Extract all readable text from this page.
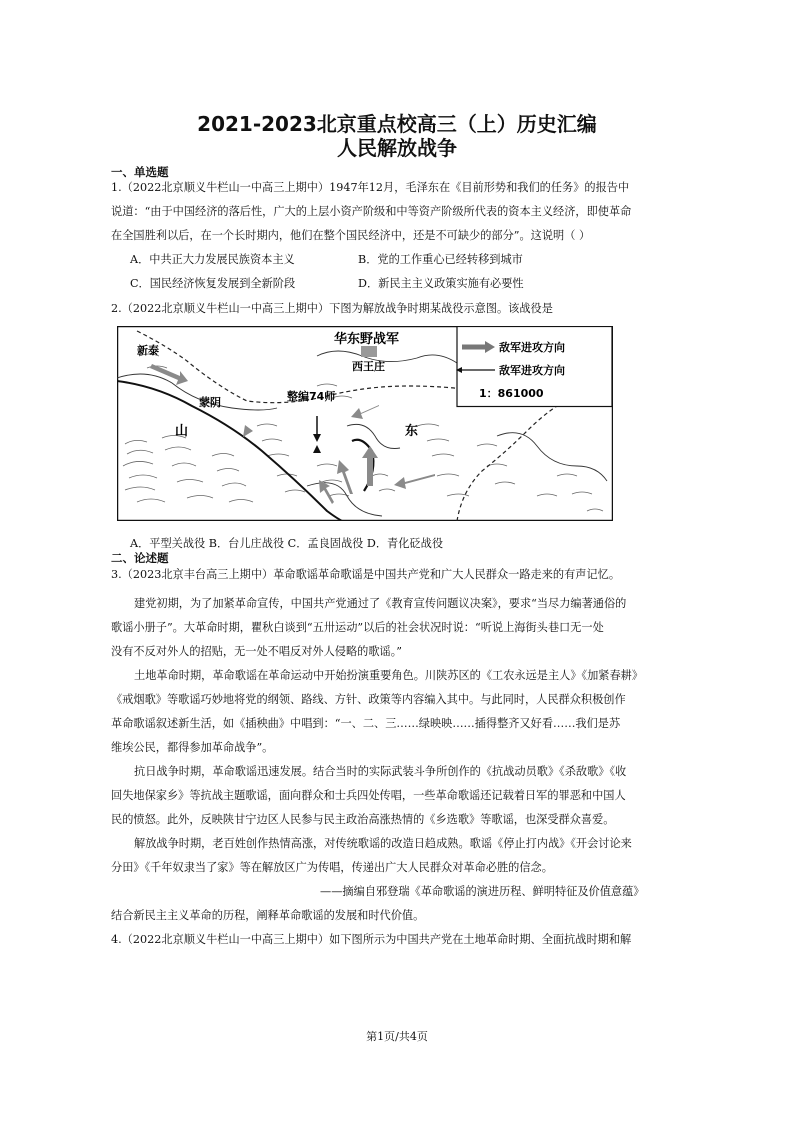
2021-2023北京重点校高三（上）历史汇编
人民解放战争
一、单选题
1.（2022北京顺义牛栏山一中高三上期中）1947年12月，毛泽东在《目前形势和我们的任务》的报告中
说道：“由于中国经济的落后性，广大的上层小资产阶级和中等资产阶级所代表的资本主义经济，即使革命
在全国胜利以后，在一个长时期内，他们在整个国民经济中，还是不可缺少的部分”。这说明（ ）
A．中共正大力发展民族资本主义	B．党的工作重心已经转移到城市
C．国民经济恢复发展到全新阶段	D．新民主主义政策实施有必要性
2.（2022北京顺义牛栏山一中高三上期中）下图为解放战争时期某战役示意图。该战役是
敌军进攻方向
敌军进攻方向
1：861000
新泰
华东野战军
西王庄
蒙阴	整编74师
山	东
A．平型关战役 B．台儿庄战役 C．孟良固战役 D．青化砭战役
二、论述题
3.（2023北京丰台高三上期中）革命歌谣革命歌谣是中国共产党和广大人民群众一路走来的有声记忆。
建党初期，为了加紧革命宣传，中国共产党通过了《教育宣传问题议决案》，要求“当尽力编著通俗的
歌谣小册子”。大革命时期，瞿秋白谈到“五卅运动”以后的社会状况时说：“听说上海街头巷口无一处
没有不反对外人的招贴，无一处不唱反对外人侵略的歌谣。”
土地革命时期，革命歌谣在革命运动中开始扮演重要角色。川陕苏区的《工农永远是主人》《加紧春耕》
《戒烟歌》等歌谣巧妙地将党的纲领、路线、方针、政策等内容编入其中。与此同时，人民群众积极创作
革命歌谣叙述新生活，如《插秧曲》中唱到：“一、二、三……绿映映……插得整齐又好看……我们是苏
维埃公民，都得参加革命战争”。
抗日战争时期，革命歌谣迅速发展。结合当时的实际武装斗争所创作的《抗战动员歌》《杀敌歌》《收
回失地保家乡》等抗战主题歌谣，面向群众和士兵四处传唱，一些革命歌谣还记载着日军的罪恶和中国人
民的愤怒。此外，反映陕甘宁边区人民参与民主政治高涨热情的《乡选歌》等歌谣，也深受群众喜爱。
解放战争时期，老百姓创作热情高涨，对传统歌谣的改造日趋成熟。歌谣《停止打内战》《开会讨论来
分田》《千年奴隶当了家》等在解放区广为传唱，传递出广大人民群众对革命必胜的信念。
——摘编自邪登瑞《革命歌谣的演进历程、鲜明特征及价值意蕴》
结合新民主主义革命的历程，阐释革命歌谣的发展和时代价值。
4.（2022北京顺义牛栏山一中高三上期中）如下图所示为中国共产党在土地革命时期、全面抗战时期和解
第1页/共4页
